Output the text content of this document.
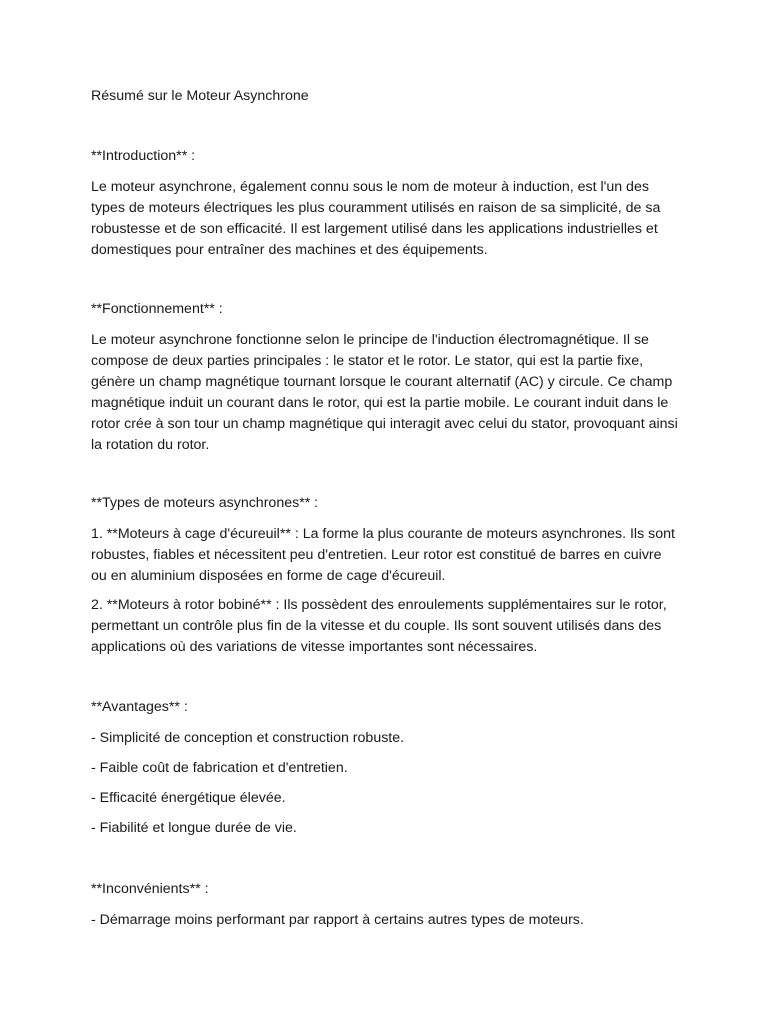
Résumé sur le Moteur Asynchrone

**Introduction** :

Le moteur asynchrone, également connu sous le nom de moteur à induction, est l'un des types de moteurs électriques les plus couramment utilisés en raison de sa simplicité, de sa robustesse et de son efficacité. Il est largement utilisé dans les applications industrielles et domestiques pour entraîner des machines et des équipements.

**Fonctionnement** :

Le moteur asynchrone fonctionne selon le principe de l'induction électromagnétique. Il se compose de deux parties principales : le stator et le rotor. Le stator, qui est la partie fixe, génère un champ magnétique tournant lorsque le courant alternatif (AC) y circule. Ce champ magnétique induit un courant dans le rotor, qui est la partie mobile. Le courant induit dans le rotor crée à son tour un champ magnétique qui interagit avec celui du stator, provoquant ainsi la rotation du rotor.

**Types de moteurs asynchrones** :

1. **Moteurs à cage d'écureuil** : La forme la plus courante de moteurs asynchrones. Ils sont robustes, fiables et nécessitent peu d'entretien. Leur rotor est constitué de barres en cuivre ou en aluminium disposées en forme de cage d'écureuil.

2. **Moteurs à rotor bobiné** : Ils possèdent des enroulements supplémentaires sur le rotor, permettant un contrôle plus fin de la vitesse et du couple. Ils sont souvent utilisés dans des applications où des variations de vitesse importantes sont nécessaires.

**Avantages** :

- Simplicité de conception et construction robuste.

- Faible coût de fabrication et d'entretien.

- Efficacité énergétique élevée.

- Fiabilité et longue durée de vie.

**Inconvénients** :

- Démarrage moins performant par rapport à certains autres types de moteurs.
